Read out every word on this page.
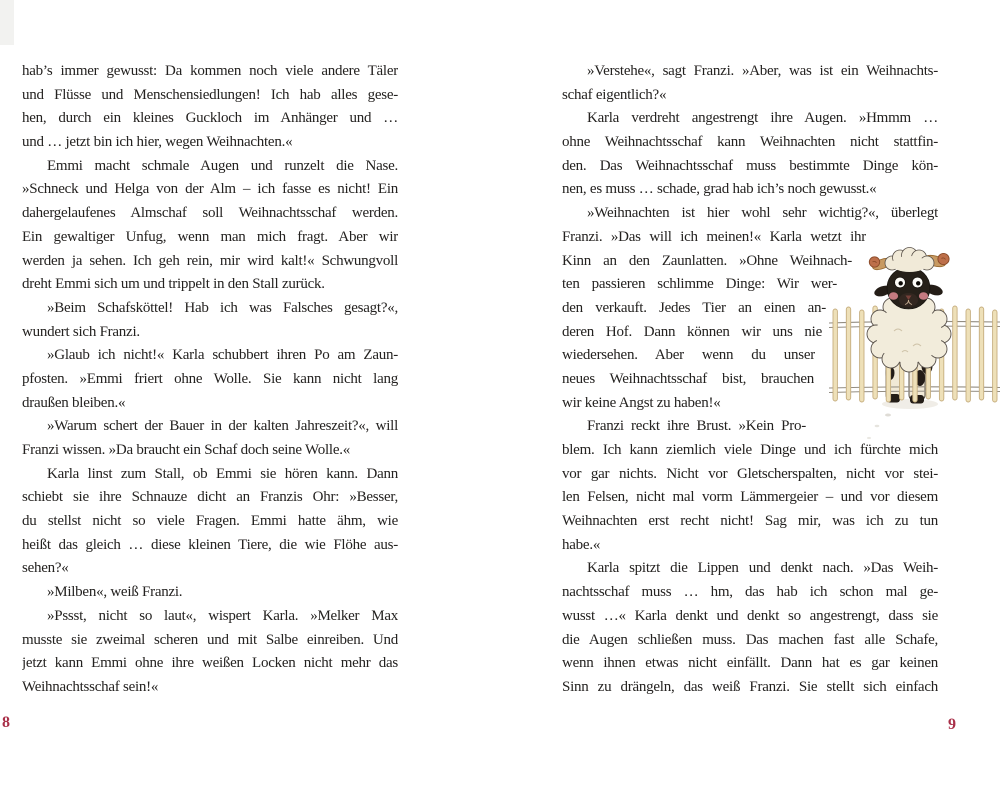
hab’s immer gewusst: Da kommen noch viele andere Täler
und Flüsse und Menschensiedlungen! Ich hab alles gese-
hen, durch ein kleines Guckloch im Anhänger und …
und … jetzt bin ich hier, wegen Weihnachten.«
Emmi macht schmale Augen und runzelt die Nase.
»Schneck und Helga von der Alm – ich fasse es nicht! Ein
dahergelaufenes Almschaf soll Weihnachtsschaf werden.
Ein gewaltiger Unfug, wenn man mich fragt. Aber wir
werden ja sehen. Ich geh rein, mir wird kalt!« Schwungvoll
dreht Emmi sich um und trippelt in den Stall zurück.
»Beim Schafsköttel! Hab ich was Falsches gesagt?«,
wundert sich Franzi.
»Glaub ich nicht!« Karla schubbert ihren Po am Zaun-
pfosten. »Emmi friert ohne Wolle. Sie kann nicht lang
draußen bleiben.«
»Warum schert der Bauer in der kalten Jahreszeit?«, will
Franzi wissen. »Da braucht ein Schaf doch seine Wolle.«
Karla linst zum Stall, ob Emmi sie hören kann. Dann
schiebt sie ihre Schnauze dicht an Franzis Ohr: »Besser,
du stellst nicht so viele Fragen. Emmi hatte ähm, wie
heißt das gleich … diese kleinen Tiere, die wie Flöhe aus-
sehen?«
»Milben«, weiß Franzi.
»Pssst, nicht so laut«, wispert Karla. »Melker Max
musste sie zweimal scheren und mit Salbe einreiben. Und
jetzt kann Emmi ohne ihre weißen Locken nicht mehr das
Weihnachtsschaf sein!«
»Verstehe«, sagt Franzi. »Aber, was ist ein Weihnachts-
schaf eigentlich?«
Karla verdreht angestrengt ihre Augen. »Hmmm …
ohne Weihnachtsschaf kann Weihnachten nicht stattfin-
den. Das Weihnachtsschaf muss bestimmte Dinge kön-
nen, es muss … schade, grad hab ich’s noch gewusst.«
»Weihnachten ist hier wohl sehr wichtig?«, überlegt
Franzi. »Das will ich meinen!« Karla wetzt ihr
Kinn an den Zaunlatten. »Ohne Weihnach-
ten passieren schlimme Dinge: Wir wer-
den verkauft. Jedes Tier an einen an-
deren Hof. Dann können wir uns nie
wiedersehen. Aber wenn du unser
neues Weihnachtsschaf bist, brauchen
wir keine Angst zu haben!«
Franzi reckt ihre Brust. »Kein Pro-
blem. Ich kann ziemlich viele Dinge und ich fürchte mich
vor gar nichts. Nicht vor Gletscherspalten, nicht vor stei-
len Felsen, nicht mal vorm Lämmergeier – und vor diesem
Weihnachten erst recht nicht! Sag mir, was ich zu tun
habe.«
Karla spitzt die Lippen und denkt nach. »Das Weih-
nachtsschaf muss … hm, das hab ich schon mal ge-
wusst …« Karla denkt und denkt so angestrengt, dass sie
die Augen schließen muss. Das machen fast alle Schafe,
wenn ihnen etwas nicht einfällt. Dann hat es gar keinen
Sinn zu drängeln, das weiß Franzi. Sie stellt sich einfach
8	9
